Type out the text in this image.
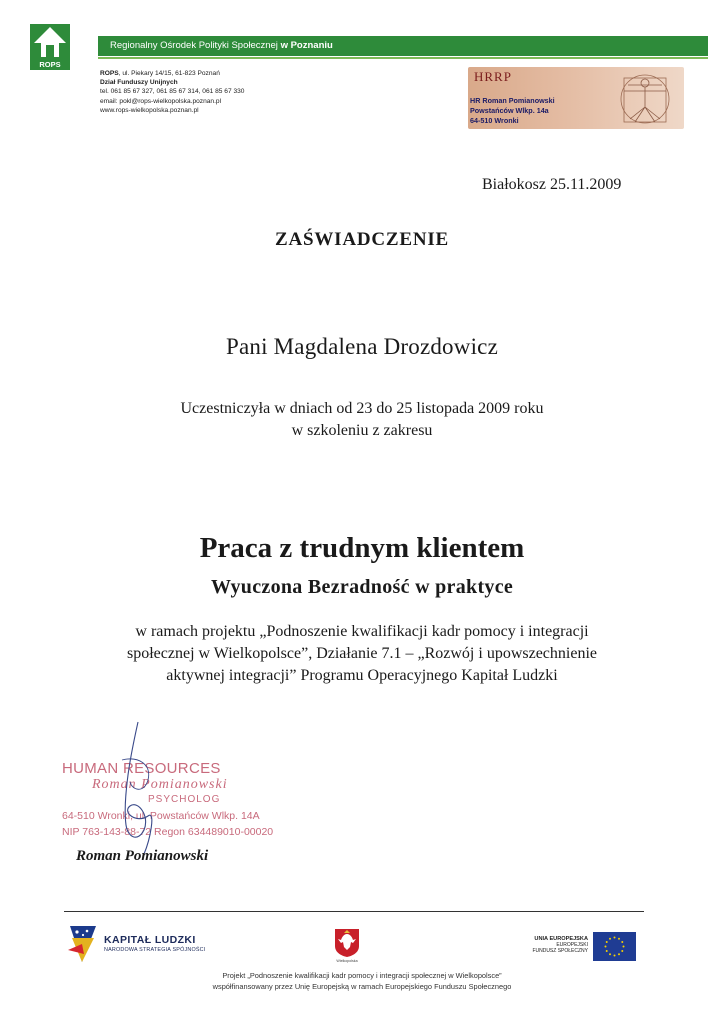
ROPS
Regionalny Ośrodek Polityki Społecznej w Poznaniu
ROPS, ul. Piekary 14/15, 61-823 Poznań
Dział Funduszy Unijnych
tel. 061 85 67 327, 061 85 67 314, 061 85 67 330
email: pokl@rops-wielkopolska.poznan.pl
www.rops-wielkopolska.poznan.pl
HRRP
HR Roman Pomianowski
Powstańców Wlkp. 14a
64-510 Wronki
Białokosz 25.11.2009
ZAŚWIADCZENIE
Pani Magdalena Drozdowicz
Uczestniczyła w dniach od 23 do 25 listopada 2009 roku
w szkoleniu z zakresu
Praca z trudnym klientem
Wyuczona Bezradność w praktyce
w ramach projektu „Podnoszenie kwalifikacji kadr pomocy i integracji
społecznej w Wielkopolsce”, Działanie 7.1 – „Rozwój i upowszechnienie
aktywnej integracji” Programu Operacyjnego Kapitał Ludzki
HUMAN RESOURCES
Roman Pomianowski
PSYCHOLOG
64-510 Wronki, ul. Powstańców Wlkp. 14A
NIP 763-143-88-72 Regon 634489010-00020
Roman Pomianowski
KAPITAŁ LUDZKI
NARODOWA STRATEGIA SPÓJNOŚCI
Wielkopolska
UNIA EUROPEJSKA
EUROPEJSKI
FUNDUSZ SPOŁECZNY
Projekt „Podnoszenie kwalifikacji kadr pomocy i integracji społecznej w Wielkopolsce”
współfinansowany przez Unię Europejską w ramach Europejskiego Funduszu Społecznego
